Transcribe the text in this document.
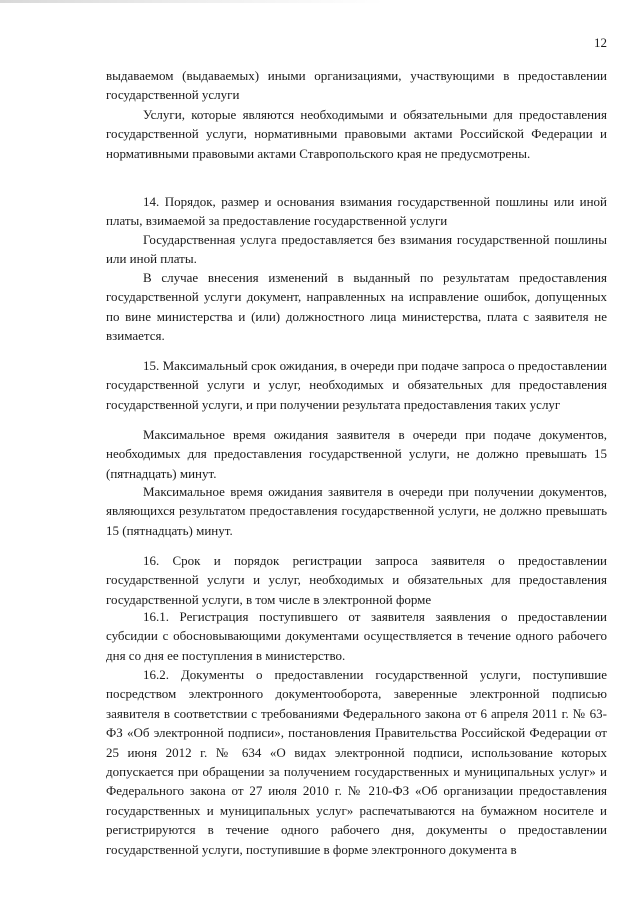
12

выдаваемом (выдаваемых) иными организациями, участвующими в предоставлении государственной услуги

Услуги, которые являются необходимыми и обязательными для предоставления государственной услуги, нормативными правовыми актами Российской Федерации и нормативными правовыми актами Ставропольского края не предусмотрены.

14. Порядок, размер и основания взимания государственной пошлины или иной платы, взимаемой за предоставление государственной услуги

Государственная услуга предоставляется без взимания государственной пошлины или иной платы.

В случае внесения изменений в выданный по результатам предоставления государственной услуги документ, направленных на исправление ошибок, допущенных по вине министерства и (или) должностного лица министерства, плата с заявителя не взимается.

15. Максимальный срок ожидания, в очереди при подаче запроса о предоставлении государственной услуги и услуг, необходимых и обязательных для предоставления государственной услуги, и при получении результата предоставления таких услуг

Максимальное время ожидания заявителя в очереди при подаче документов, необходимых для предоставления государственной услуги, не должно превышать 15 (пятнадцать) минут.

Максимальное время ожидания заявителя в очереди при получении документов, являющихся результатом предоставления государственной услуги, не должно превышать 15 (пятнадцать) минут.

16. Срок и порядок регистрации запроса заявителя о предоставлении государственной услуги и услуг, необходимых и обязательных для предоставления государственной услуги, в том числе в электронной форме

16.1. Регистрация поступившего от заявителя заявления о предоставлении субсидии с обосновывающими документами осуществляется в течение одного рабочего дня со дня ее поступления в министерство.

16.2. Документы о предоставлении государственной услуги, поступившие посредством электронного документооборота, заверенные электронной подписью заявителя в соответствии с требованиями Федерального закона от 6 апреля 2011 г. № 63-ФЗ «Об электронной подписи», постановления Правительства Российской Федерации от 25 июня 2012 г. № 634 «О видах электронной подписи, использование которых допускается при обращении за получением государственных и муниципальных услуг» и Федерального закона от 27 июля 2010 г. № 210-ФЗ «Об организации предоставления государственных и муниципальных услуг» распечатываются на бумажном носителе и регистрируются в течение одного рабочего дня, документы о предоставлении государственной услуги, поступившие в форме электронного документа в
